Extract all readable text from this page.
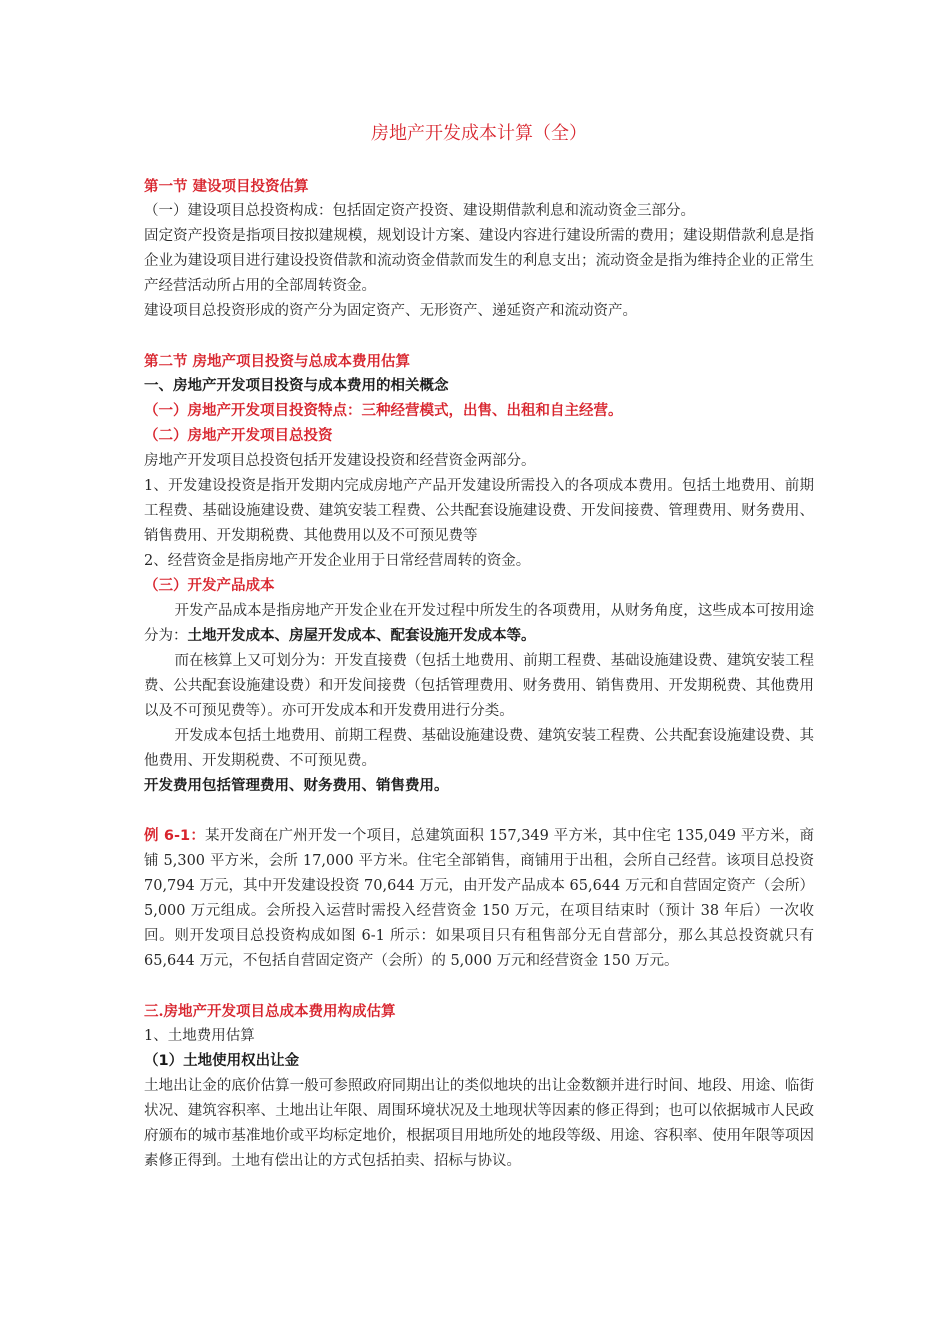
房地产开发成本计算（全）

第一节 建设项目投资估算

（一）建设项目总投资构成：包括固定资产投资、建设期借款利息和流动资金三部分。

固定资产投资是指项目按拟建规模，规划设计方案、建设内容进行建设所需的费用；建设期借款利息是指企业为建设项目进行建设投资借款和流动资金借款而发生的利息支出；流动资金是指为维持企业的正常生产经营活动所占用的全部周转资金。

建设项目总投资形成的资产分为固定资产、无形资产、递延资产和流动资产。

第二节 房地产项目投资与总成本费用估算

一、房地产开发项目投资与成本费用的相关概念

（一）房地产开发项目投资特点：三种经营模式，出售、出租和自主经营。

（二）房地产开发项目总投资

房地产开发项目总投资包括开发建设投资和经营资金两部分。

1、开发建设投资是指开发期内完成房地产产品开发建设所需投入的各项成本费用。包括土地费用、前期工程费、基础设施建设费、建筑安装工程费、公共配套设施建设费、开发间接费、管理费用、财务费用、销售费用、开发期税费、其他费用以及不可预见费等

2、经营资金是指房地产开发企业用于日常经营周转的资金。

（三）开发产品成本

开发产品成本是指房地产开发企业在开发过程中所发生的各项费用，从财务角度，这些成本可按用途分为：土地开发成本、房屋开发成本、配套设施开发成本等。

而在核算上又可划分为：开发直接费（包括土地费用、前期工程费、基础设施建设费、建筑安装工程费、公共配套设施建设费）和开发间接费（包括管理费用、财务费用、销售费用、开发期税费、其他费用以及不可预见费等）。亦可开发成本和开发费用进行分类。

开发成本包括土地费用、前期工程费、基础设施建设费、建筑安装工程费、公共配套设施建设费、其他费用、开发期税费、不可预见费。

开发费用包括管理费用、财务费用、销售费用。

例 6-1：某开发商在广州开发一个项目，总建筑面积 157,349 平方米，其中住宅 135,049 平方米，商铺 5,300 平方米，会所 17,000 平方米。住宅全部销售，商铺用于出租，会所自己经营。该项目总投资 70,794 万元，其中开发建设投资 70,644 万元，由开发产品成本 65,644 万元和自营固定资产（会所）5,000 万元组成。会所投入运营时需投入经营资金 150 万元，在项目结束时（预计 38 年后）一次收回。则开发项目总投资构成如图 6-1 所示：如果项目只有租售部分无自营部分，那么其总投资就只有 65,644 万元，不包括自营固定资产（会所）的 5,000 万元和经营资金 150 万元。

三.房地产开发项目总成本费用构成估算

1、土地费用估算

（1）土地使用权出让金

土地出让金的底价估算一般可参照政府同期出让的类似地块的出让金数额并进行时间、地段、用途、临街状况、建筑容积率、土地出让年限、周围环境状况及土地现状等因素的修正得到；也可以依据城市人民政府颁布的城市基准地价或平均标定地价，根据项目用地所处的地段等级、用途、容积率、使用年限等项因素修正得到。土地有偿出让的方式包括拍卖、招标与协议。
